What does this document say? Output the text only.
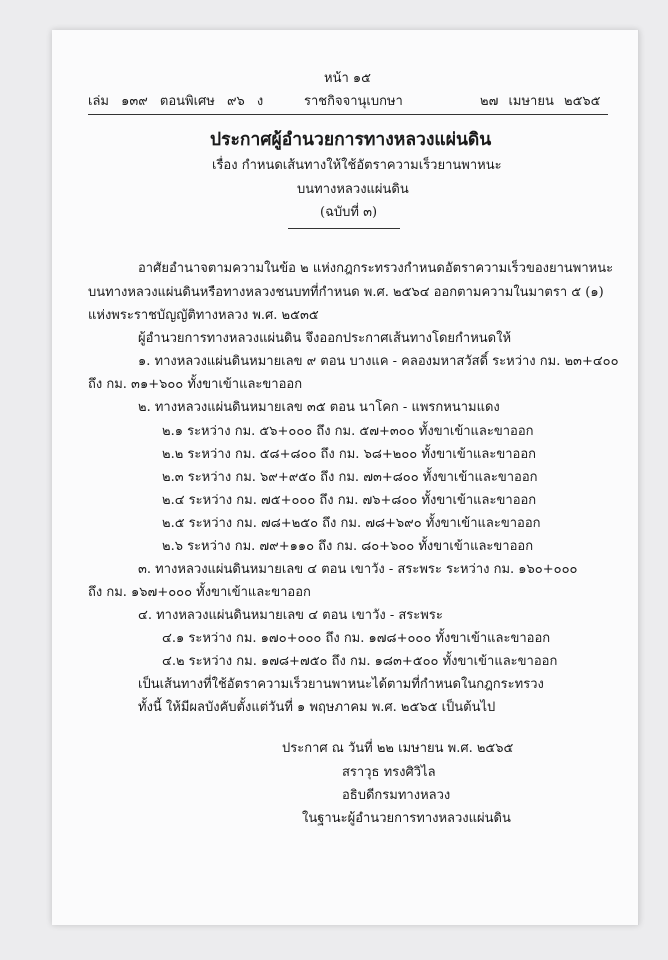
หน้า ๑๕
เล่ม ๑๓๙ ตอนพิเศษ ๙๖ ง	ราชกิจจานุเบกษา	๒๗ เมษายน ๒๕๖๕
ประกาศผู้อำนวยการทางหลวงแผ่นดิน
เรื่อง กำหนดเส้นทางให้ใช้อัตราความเร็วยานพาหนะ
บนทางหลวงแผ่นดิน
(ฉบับที่ ๓)
อาศัยอำนาจตามความในข้อ ๒ แห่งกฎกระทรวงกำหนดอัตราความเร็วของยานพาหนะ
บนทางหลวงแผ่นดินหรือทางหลวงชนบทที่กำหนด พ.ศ. ๒๕๖๔ ออกตามความในมาตรา ๕ (๑)
แห่งพระราชบัญญัติทางหลวง พ.ศ. ๒๕๓๕
ผู้อำนวยการทางหลวงแผ่นดิน จึงออกประกาศเส้นทางโดยกำหนดให้
๑. ทางหลวงแผ่นดินหมายเลข ๙ ตอน บางแค - คลองมหาสวัสดิ์ ระหว่าง กม. ๒๓+๔๐๐
ถึง กม. ๓๑+๖๐๐ ทั้งขาเข้าและขาออก
๒. ทางหลวงแผ่นดินหมายเลข ๓๕ ตอน นาโคก - แพรกหนามแดง
๒.๑ ระหว่าง กม. ๕๖+๐๐๐ ถึง กม. ๕๗+๓๐๐ ทั้งขาเข้าและขาออก
๒.๒ ระหว่าง กม. ๕๘+๘๐๐ ถึง กม. ๖๘+๒๐๐ ทั้งขาเข้าและขาออก
๒.๓ ระหว่าง กม. ๖๙+๙๕๐ ถึง กม. ๗๓+๘๐๐ ทั้งขาเข้าและขาออก
๒.๔ ระหว่าง กม. ๗๕+๐๐๐ ถึง กม. ๗๖+๘๐๐ ทั้งขาเข้าและขาออก
๒.๕ ระหว่าง กม. ๗๘+๒๕๐ ถึง กม. ๗๘+๖๙๐ ทั้งขาเข้าและขาออก
๒.๖ ระหว่าง กม. ๗๙+๑๑๐ ถึง กม. ๘๐+๖๐๐ ทั้งขาเข้าและขาออก
๓. ทางหลวงแผ่นดินหมายเลข ๔ ตอน เขาวัง - สระพระ ระหว่าง กม. ๑๖๐+๐๐๐
ถึง กม. ๑๖๗+๐๐๐ ทั้งขาเข้าและขาออก
๔. ทางหลวงแผ่นดินหมายเลข ๔ ตอน เขาวัง - สระพระ
๔.๑ ระหว่าง กม. ๑๗๐+๐๐๐ ถึง กม. ๑๗๘+๐๐๐ ทั้งขาเข้าและขาออก
๔.๒ ระหว่าง กม. ๑๗๘+๗๕๐ ถึง กม. ๑๘๓+๕๐๐ ทั้งขาเข้าและขาออก
เป็นเส้นทางที่ใช้อัตราความเร็วยานพาหนะได้ตามที่กำหนดในกฎกระทรวง
ทั้งนี้ ให้มีผลบังคับตั้งแต่วันที่ ๑ พฤษภาคม พ.ศ. ๒๕๖๕ เป็นต้นไป
ประกาศ ณ วันที่ ๒๒ เมษายน พ.ศ. ๒๕๖๕
สราวุธ ทรงศิวิไล
อธิบดีกรมทางหลวง
ในฐานะผู้อำนวยการทางหลวงแผ่นดิน
